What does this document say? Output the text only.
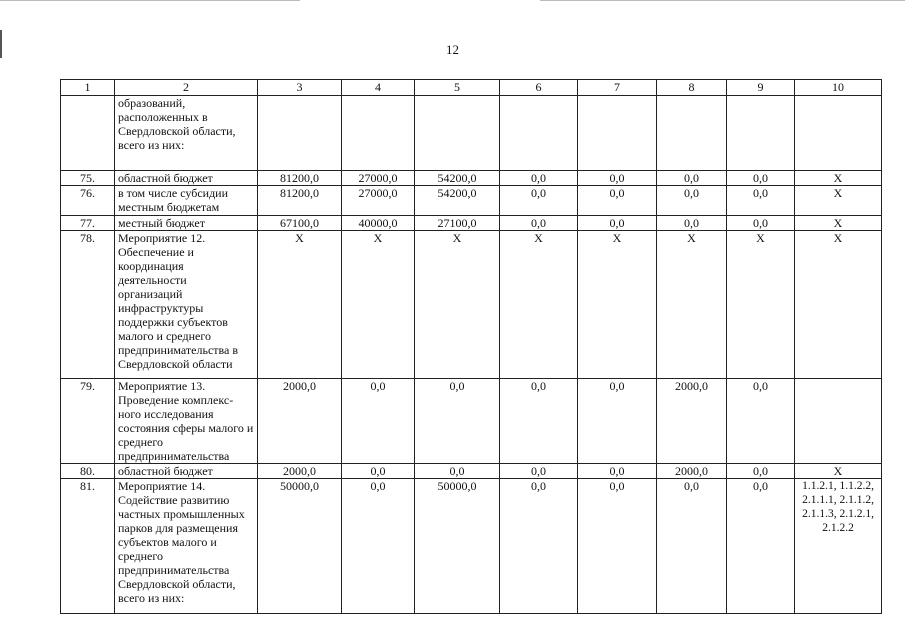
12
1	2	3	4	5	6	7	8	9	10
	образований, расположенных в Свердловской области, всего из них:								
75.	областной бюджет	81200,0	27000,0	54200,0	0,0	0,0	0,0	0,0	X
76.	в том числе субсидии местным бюджетам	81200,0	27000,0	54200,0	0,0	0,0	0,0	0,0	X
77.	местный бюджет	67100,0	40000,0	27100,0	0,0	0,0	0,0	0,0	X
78.	Мероприятие 12. Обеспечение и координация деятельности организаций инфраструктуры поддержки субъектов малого и среднего предпринимательства в Свердловской области	X	X	X	X	X	X	X	X
79.	Мероприятие 13. Проведение комплекс-ного исследования состояния сферы малого и среднего предпринимательства	2000,0	0,0	0,0	0,0	0,0	2000,0	0,0	
80.	областной бюджет	2000,0	0,0	0,0	0,0	0,0	2000,0	0,0	X
81.	Мероприятие 14. Содействие развитию частных промышленных парков для размещения субъектов малого и среднего предпринимательства Свердловской области, всего из них:	50000,0	0,0	50000,0	0,0	0,0	0,0	0,0	1.1.2.1, 1.1.2.2, 2.1.1.1, 2.1.1.2, 2.1.1.3, 2.1.2.1, 2.1.2.2
